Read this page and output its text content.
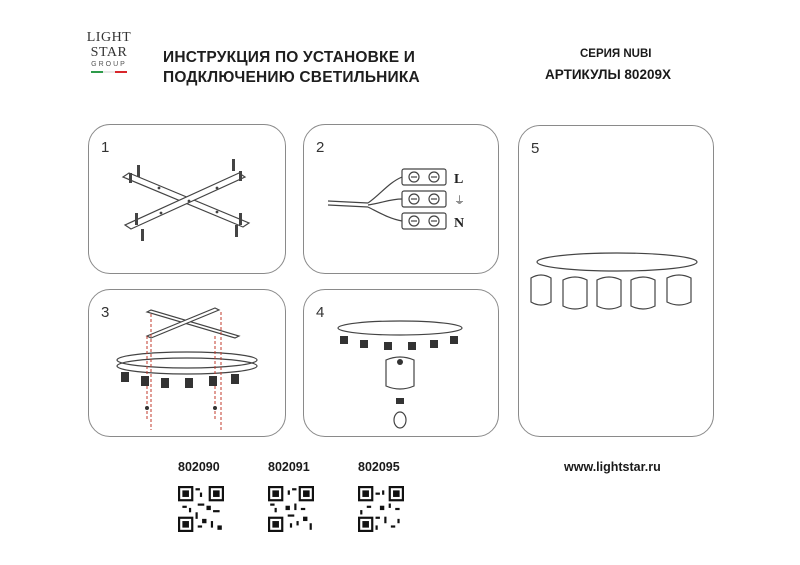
LIGHT
STAR
GROUP	ИНСТРУКЦИЯ ПО УСТАНОВКЕ И
ПОДКЛЮЧЕНИЮ СВЕТИЛЬНИКА
СЕРИЯ NUBI
АРТИКУЛЫ 80209X
1	2
L
⏚
N
3	4
5
802090	802091	802095	www.lightstar.ru
